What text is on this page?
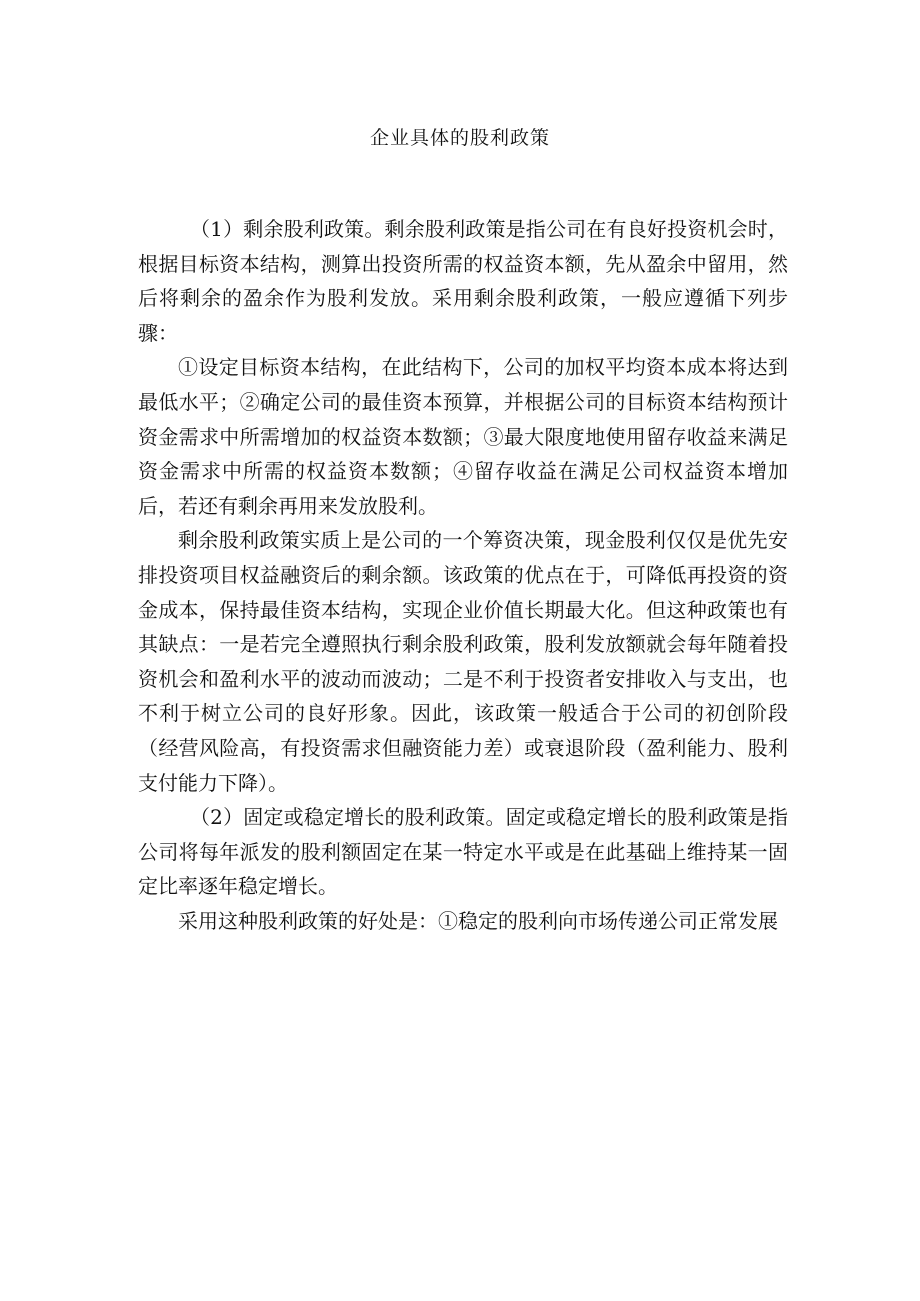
企业具体的股利政策

（1）剩余股利政策。剩余股利政策是指公司在有良好投资机会时，根据目标资本结构，测算出投资所需的权益资本额，先从盈余中留用，然后将剩余的盈余作为股利发放。采用剩余股利政策，一般应遵循下列步骤：

①设定目标资本结构，在此结构下，公司的加权平均资本成本将达到最低水平；②确定公司的最佳资本预算，并根据公司的目标资本结构预计资金需求中所需增加的权益资本数额；③最大限度地使用留存收益来满足资金需求中所需的权益资本数额；④留存收益在满足公司权益资本增加后，若还有剩余再用来发放股利。

剩余股利政策实质上是公司的一个筹资决策，现金股利仅仅是优先安排投资项目权益融资后的剩余额。该政策的优点在于，可降低再投资的资金成本，保持最佳资本结构，实现企业价值长期最大化。但这种政策也有其缺点：一是若完全遵照执行剩余股利政策，股利发放额就会每年随着投资机会和盈利水平的波动而波动；二是不利于投资者安排收入与支出，也不利于树立公司的良好形象。因此，该政策一般适合于公司的初创阶段（经营风险高，有投资需求但融资能力差）或衰退阶段（盈利能力、股利支付能力下降）。

（2）固定或稳定增长的股利政策。固定或稳定增长的股利政策是指公司将每年派发的股利额固定在某一特定水平或是在此基础上维持某一固定比率逐年稳定增长。

采用这种股利政策的好处是：①稳定的股利向市场传递公司正常发展
